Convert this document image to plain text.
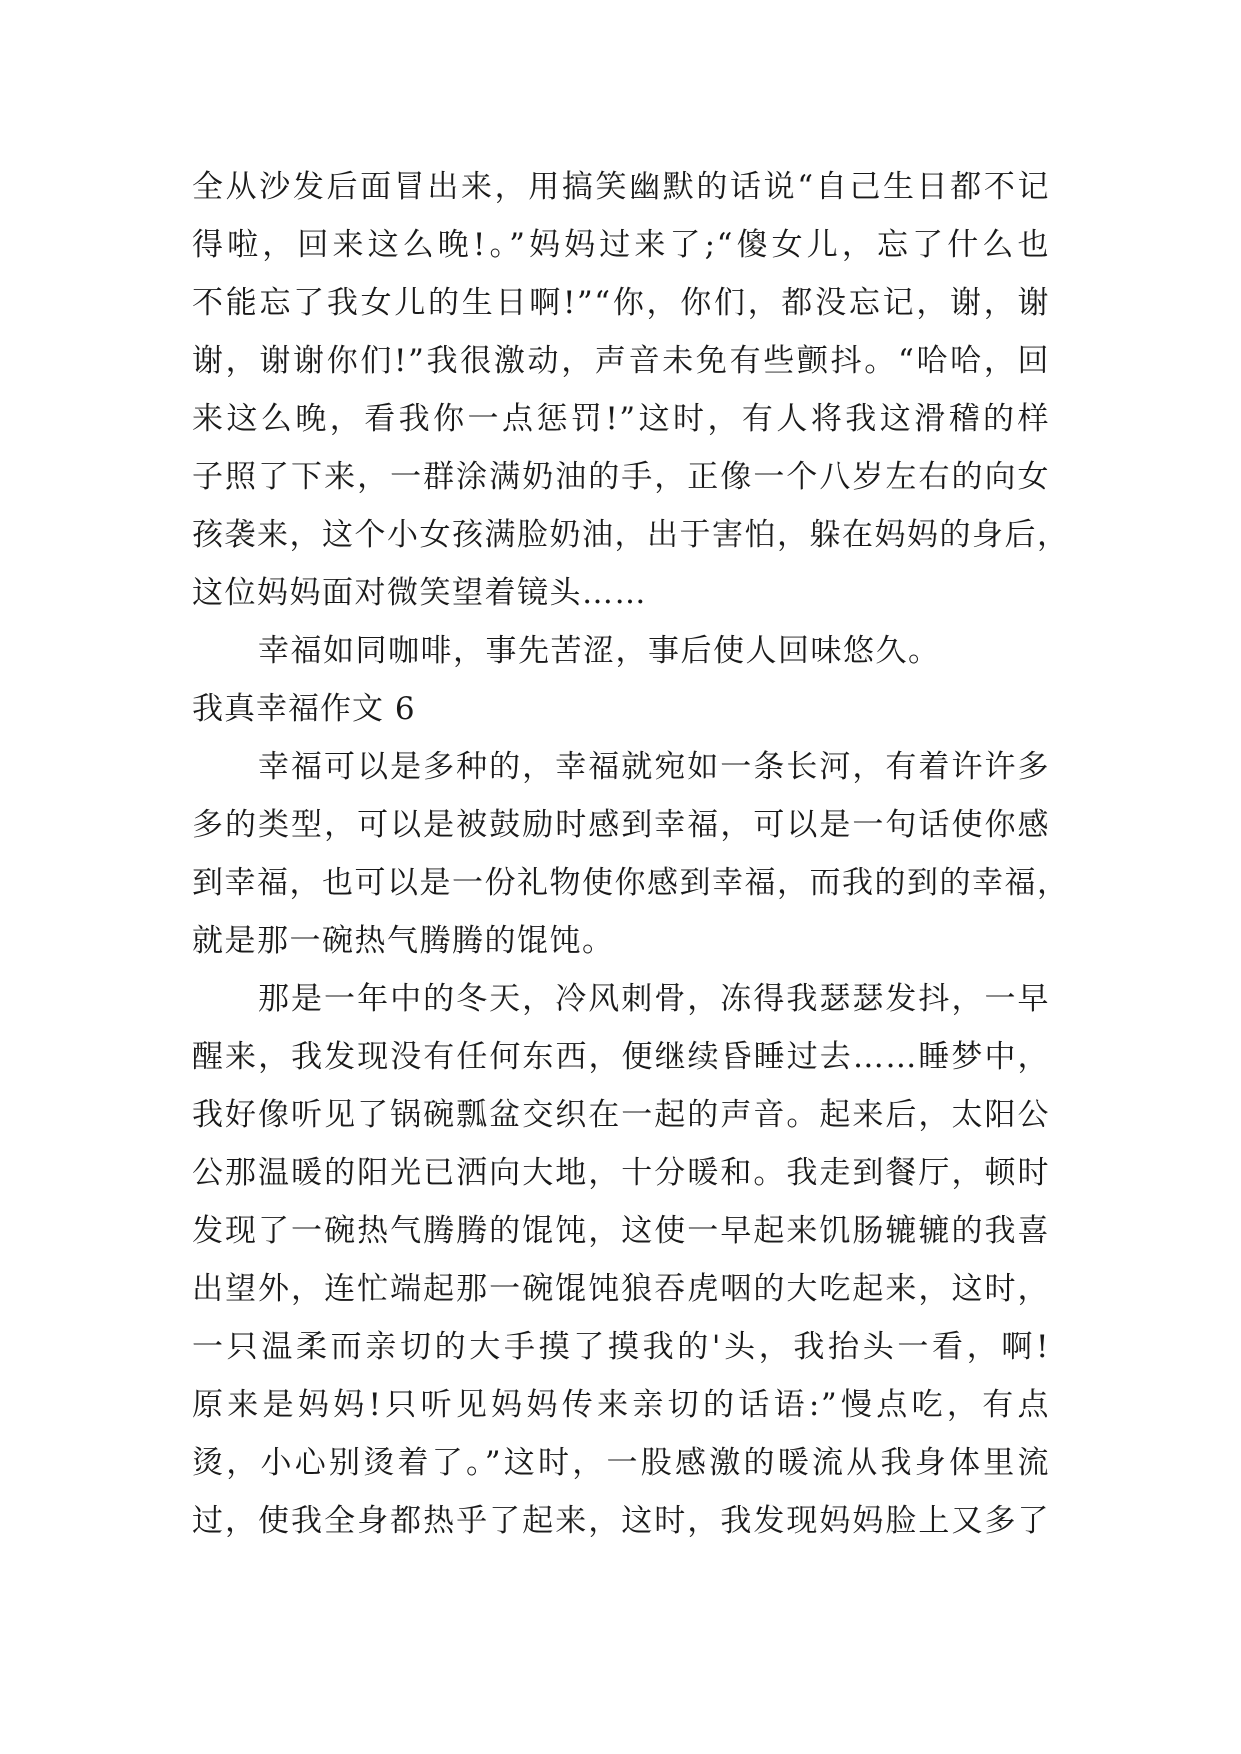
全从沙发后面冒出来，用搞笑幽默的话说“自己生日都不记
得啦，回来这么晚!。”妈妈过来了;“傻女儿，忘了什么也
不能忘了我女儿的生日啊!”“你，你们，都没忘记，谢，谢
谢，谢谢你们!”我很激动，声音未免有些颤抖。“哈哈，回
来这么晚，看我你一点惩罚!”这时，有人将我这滑稽的样
子照了下来，一群涂满奶油的手，正像一个八岁左右的向女
孩袭来，这个小女孩满脸奶油，出于害怕，躲在妈妈的身后，
这位妈妈面对微笑望着镜头……
幸福如同咖啡，事先苦涩，事后使人回味悠久。
我真幸福作文 6
幸福可以是多种的，幸福就宛如一条长河，有着许许多
多的类型，可以是被鼓励时感到幸福，可以是一句话使你感
到幸福，也可以是一份礼物使你感到幸福，而我的到的幸福，
就是那一碗热气腾腾的馄饨。
那是一年中的冬天，冷风刺骨，冻得我瑟瑟发抖，一早
醒来，我发现没有任何东西，便继续昏睡过去……睡梦中，
我好像听见了锅碗瓢盆交织在一起的声音。起来后，太阳公
公那温暖的阳光已洒向大地，十分暖和。我走到餐厅，顿时
发现了一碗热气腾腾的馄饨，这使一早起来饥肠辘辘的我喜
出望外，连忙端起那一碗馄饨狼吞虎咽的大吃起来，这时，
一只温柔而亲切的大手摸了摸我的'头，我抬头一看，啊!
原来是妈妈!只听见妈妈传来亲切的话语:”慢点吃，有点
烫，小心别烫着了。”这时，一股感激的暖流从我身体里流
过，使我全身都热乎了起来，这时，我发现妈妈脸上又多了
